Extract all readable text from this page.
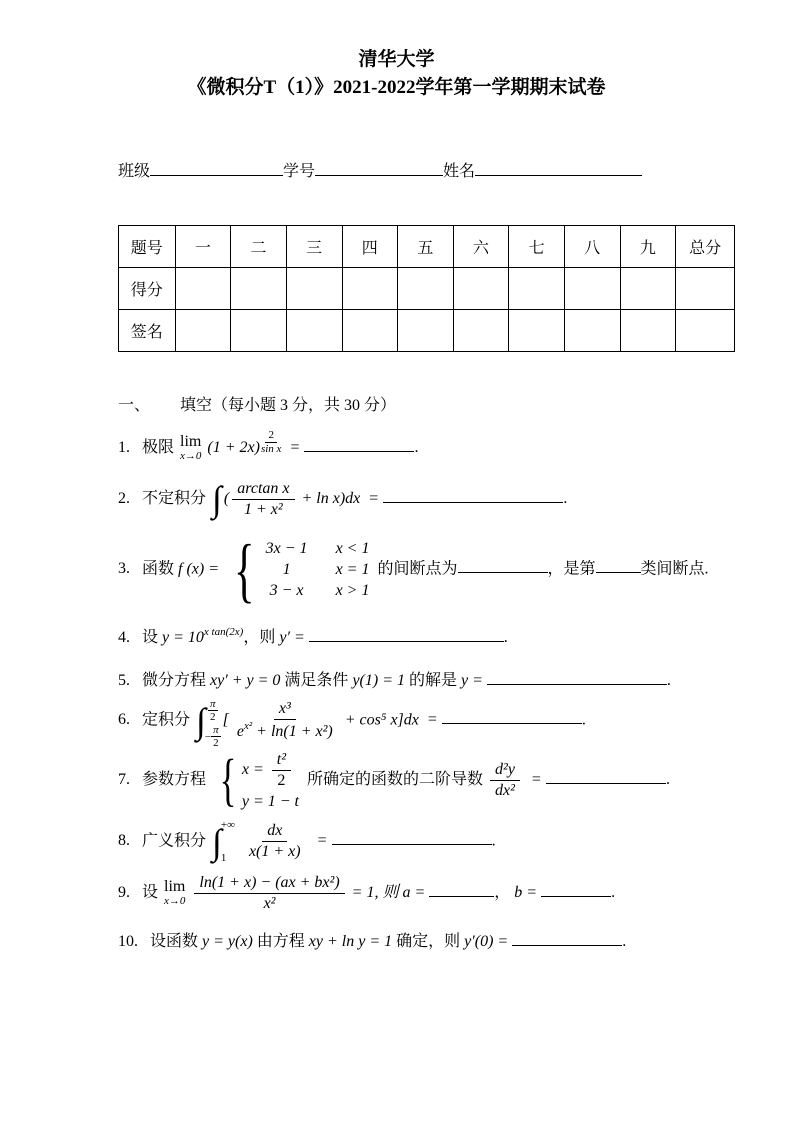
清华大学
《微积分T（1）》2021-2022学年第一学期期末试卷
班级	学号	姓名
题号	一	二	三	四	五	六	七	八	九	总分
得分										
签名										
一、 填空（每小题 3 分，共 30 分）
1. 极限 lim
x→0 $(1 + 2x) \frac{2}{\text{sin x}}$ =	.
2. 不定积分 ∫ ( $\frac{\text{arctan x}}{\text{1 + x²}} + \ln x)dx$ =	.
3. 函数 f (x) = { 3x − 1 x < 1
1	x = 1
3 − x	x > 1
的间断点为	，是第	类间断点.
4. 设 $y = 10^{x tan(2x)}$，则 y′ =	.
5. 微分方程 xy′ + y = 0 满足条件 y(1) = 1 的解是 y =	.
6. 定积分 ∫ $\frac{\pi}{2}$
− $\frac{\pi}{2}$
[ $\frac{\text{x³}}{e^{x^2} + \ln(1 + x^2)} + \cos^5$ x]dx =	.
7. 参数方程 { $x = \frac{\text{t²}}{2}$
y = 1 − t
所确定的函数的二阶导数 $\frac{\text{d²y}}{\text{dx²}}$ =	.
8. 广义积分 ∫ +∞
1
	$\frac{dx}{x(1 + x)}$ =	.
9. 设 lim
x→0
$\frac{\text{ln(1 + x) − (ax + bx²)}}{\text{x²}} = 1$, 则 a =	， b =	.
10. 设函数 y = y(x) 由方程 xy + ln y = 1 确定，则 y′(0) =	.
